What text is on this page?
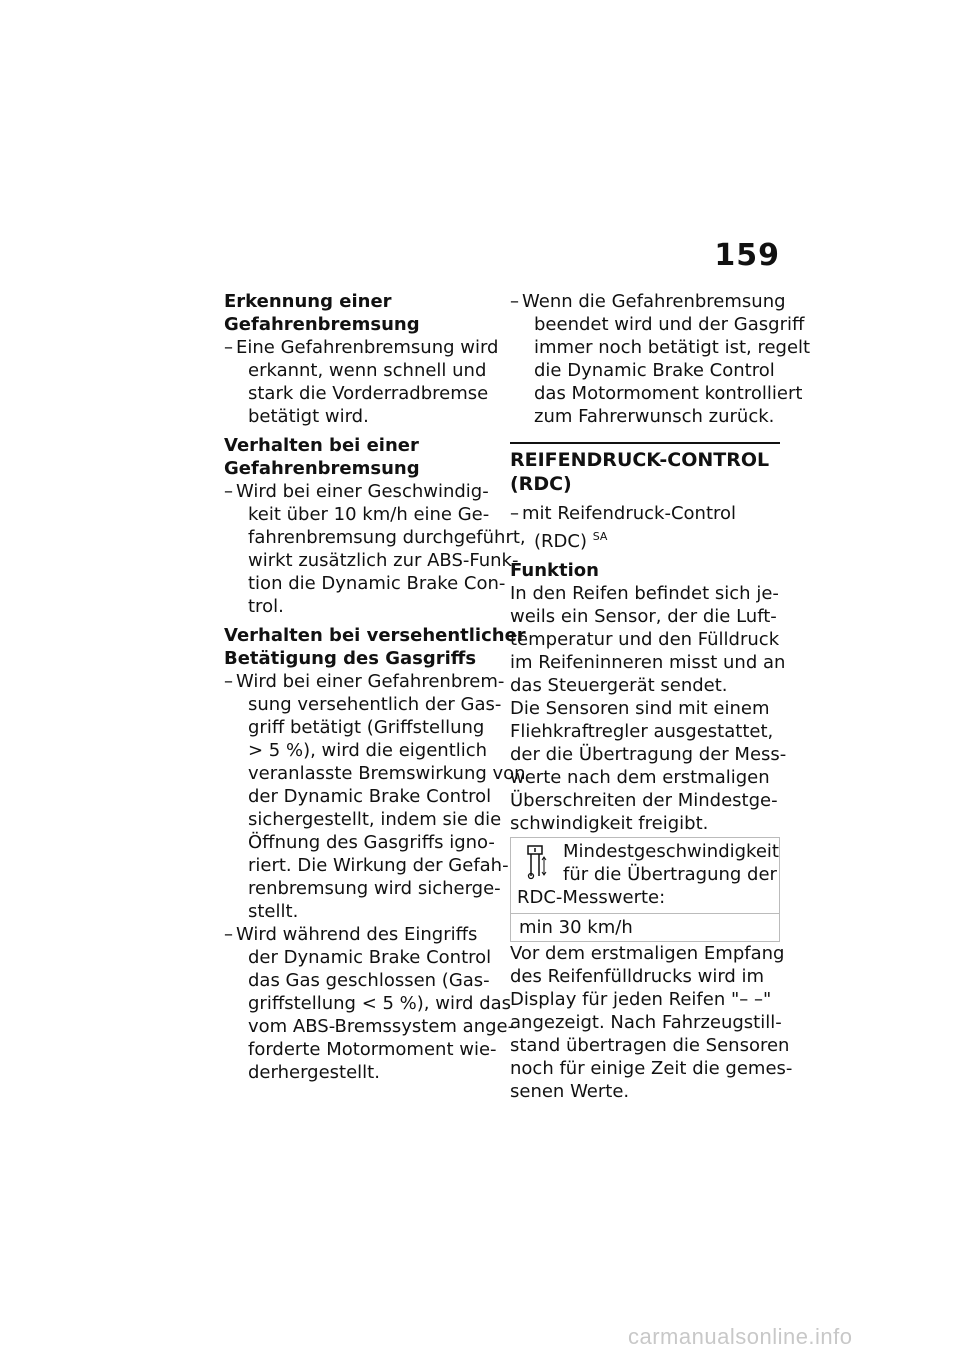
159
Erkennung einer
Gefahrenbremsung
– Eine Gefahrenbremsung wird
erkannt, wenn schnell und
stark die Vorderradbremse
betätigt wird.
Verhalten bei einer
Gefahrenbremsung
– Wird bei einer Geschwindig-
keit über 10 km/h eine Ge-
fahrenbremsung durchgeführt,
wirkt zusätzlich zur ABS-Funk-
tion die Dynamic Brake Con-
trol.
Verhalten bei versehentlicher
Betätigung des Gasgriffs
– Wird bei einer Gefahrenbrem-
sung versehentlich der Gas-
griff betätigt (Griffstellung
> 5 %), wird die eigentlich
veranlasste Bremswirkung von
der Dynamic Brake Control
sichergestellt, indem sie die
Öffnung des Gasgriffs igno-
riert. Die Wirkung der Gefah-
renbremsung wird sicherge-
stellt.
– Wird während des Eingriffs
der Dynamic Brake Control
das Gas geschlossen (Gas-
griffstellung < 5 %), wird das
vom ABS-Bremssystem ange-
forderte Motormoment wie-
derhergestellt.
– Wenn die Gefahrenbremsung
beendet wird und der Gasgriff
immer noch betätigt ist, regelt
die Dynamic Brake Control
das Motormoment kontrolliert
zum Fahrerwunsch zurück.
REIFENDRUCK-CONTROL
(RDC)
– mit Reifendruck-Control
(RDC) $^{SA}$
Funktion
In den Reifen befindet sich je-
weils ein Sensor, der die Luft-
temperatur und den Fülldruck
im Reifeninneren misst und an
das Steuergerät sendet.
Die Sensoren sind mit einem
Fliehkraftregler ausgestattet,
der die Übertragung der Mess-
werte nach dem erstmaligen
Überschreiten der Mindestge-
schwindigkeit freigibt.
Mindestgeschwindigkeit
für die Übertragung der
RDC-Messwerte:
min 30 km/h
Vor dem erstmaligen Empfang
des Reifenfülldrucks wird im
Display für jeden Reifen "– –"
angezeigt. Nach Fahrzeugstill-
stand übertragen die Sensoren
noch für einige Zeit die gemes-
senen Werte.
carmanualsonline.info
